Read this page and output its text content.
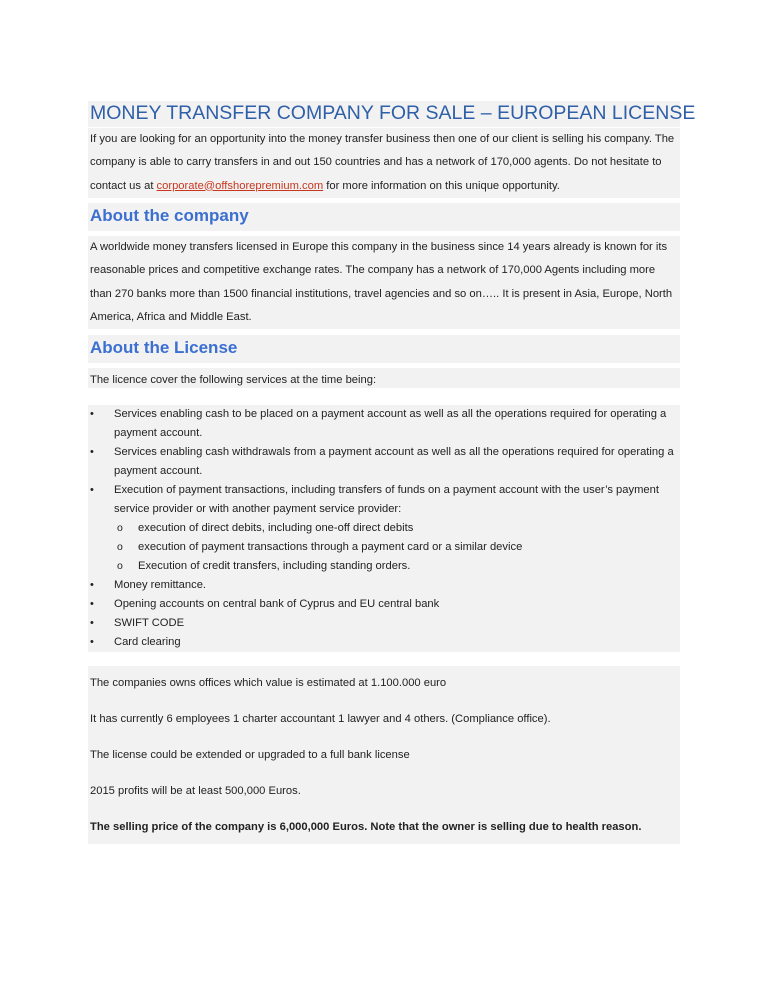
MONEY TRANSFER COMPANY FOR SALE – EUROPEAN LICENSE
If you are looking for an opportunity into the money transfer business then one of our client is selling his company. The company is able to carry transfers in and out 150 countries and has a network of 170,000 agents. Do not hesitate to contact us at corporate@offshorepremium.com for more information on this unique opportunity.
About the company
A worldwide money transfers licensed in Europe this company in the business since 14 years already is known for its reasonable prices and competitive exchange rates. The company has a network of 170,000 Agents including more than 270 banks more than 1500 financial institutions, travel agencies and so on….. It is present in Asia, Europe, North America, Africa and Middle East.
About the License
The licence cover the following services at the time being:
• Services enabling cash to be placed on a payment account as well as all the operations required for operating a payment account.
• Services enabling cash withdrawals from a payment account as well as all the operations required for operating a payment account.
• Execution of payment transactions, including transfers of funds on a payment account with the user’s payment service provider or with another payment service provider:
o execution of direct debits, including one-off direct debits
o execution of payment transactions through a payment card or a similar device
o Execution of credit transfers, including standing orders.
• Money remittance.
• Opening accounts on central bank of Cyprus and EU central bank
• SWIFT CODE
• Card clearing
The companies owns offices which value is estimated at 1.100.000 euro
It has currently 6 employees 1 charter accountant 1 lawyer and 4 others. (Compliance office).
The license could be extended or upgraded to a full bank license
2015 profits will be at least 500,000 Euros.
The selling price of the company is 6,000,000 Euros. Note that the owner is selling due to health reason.
